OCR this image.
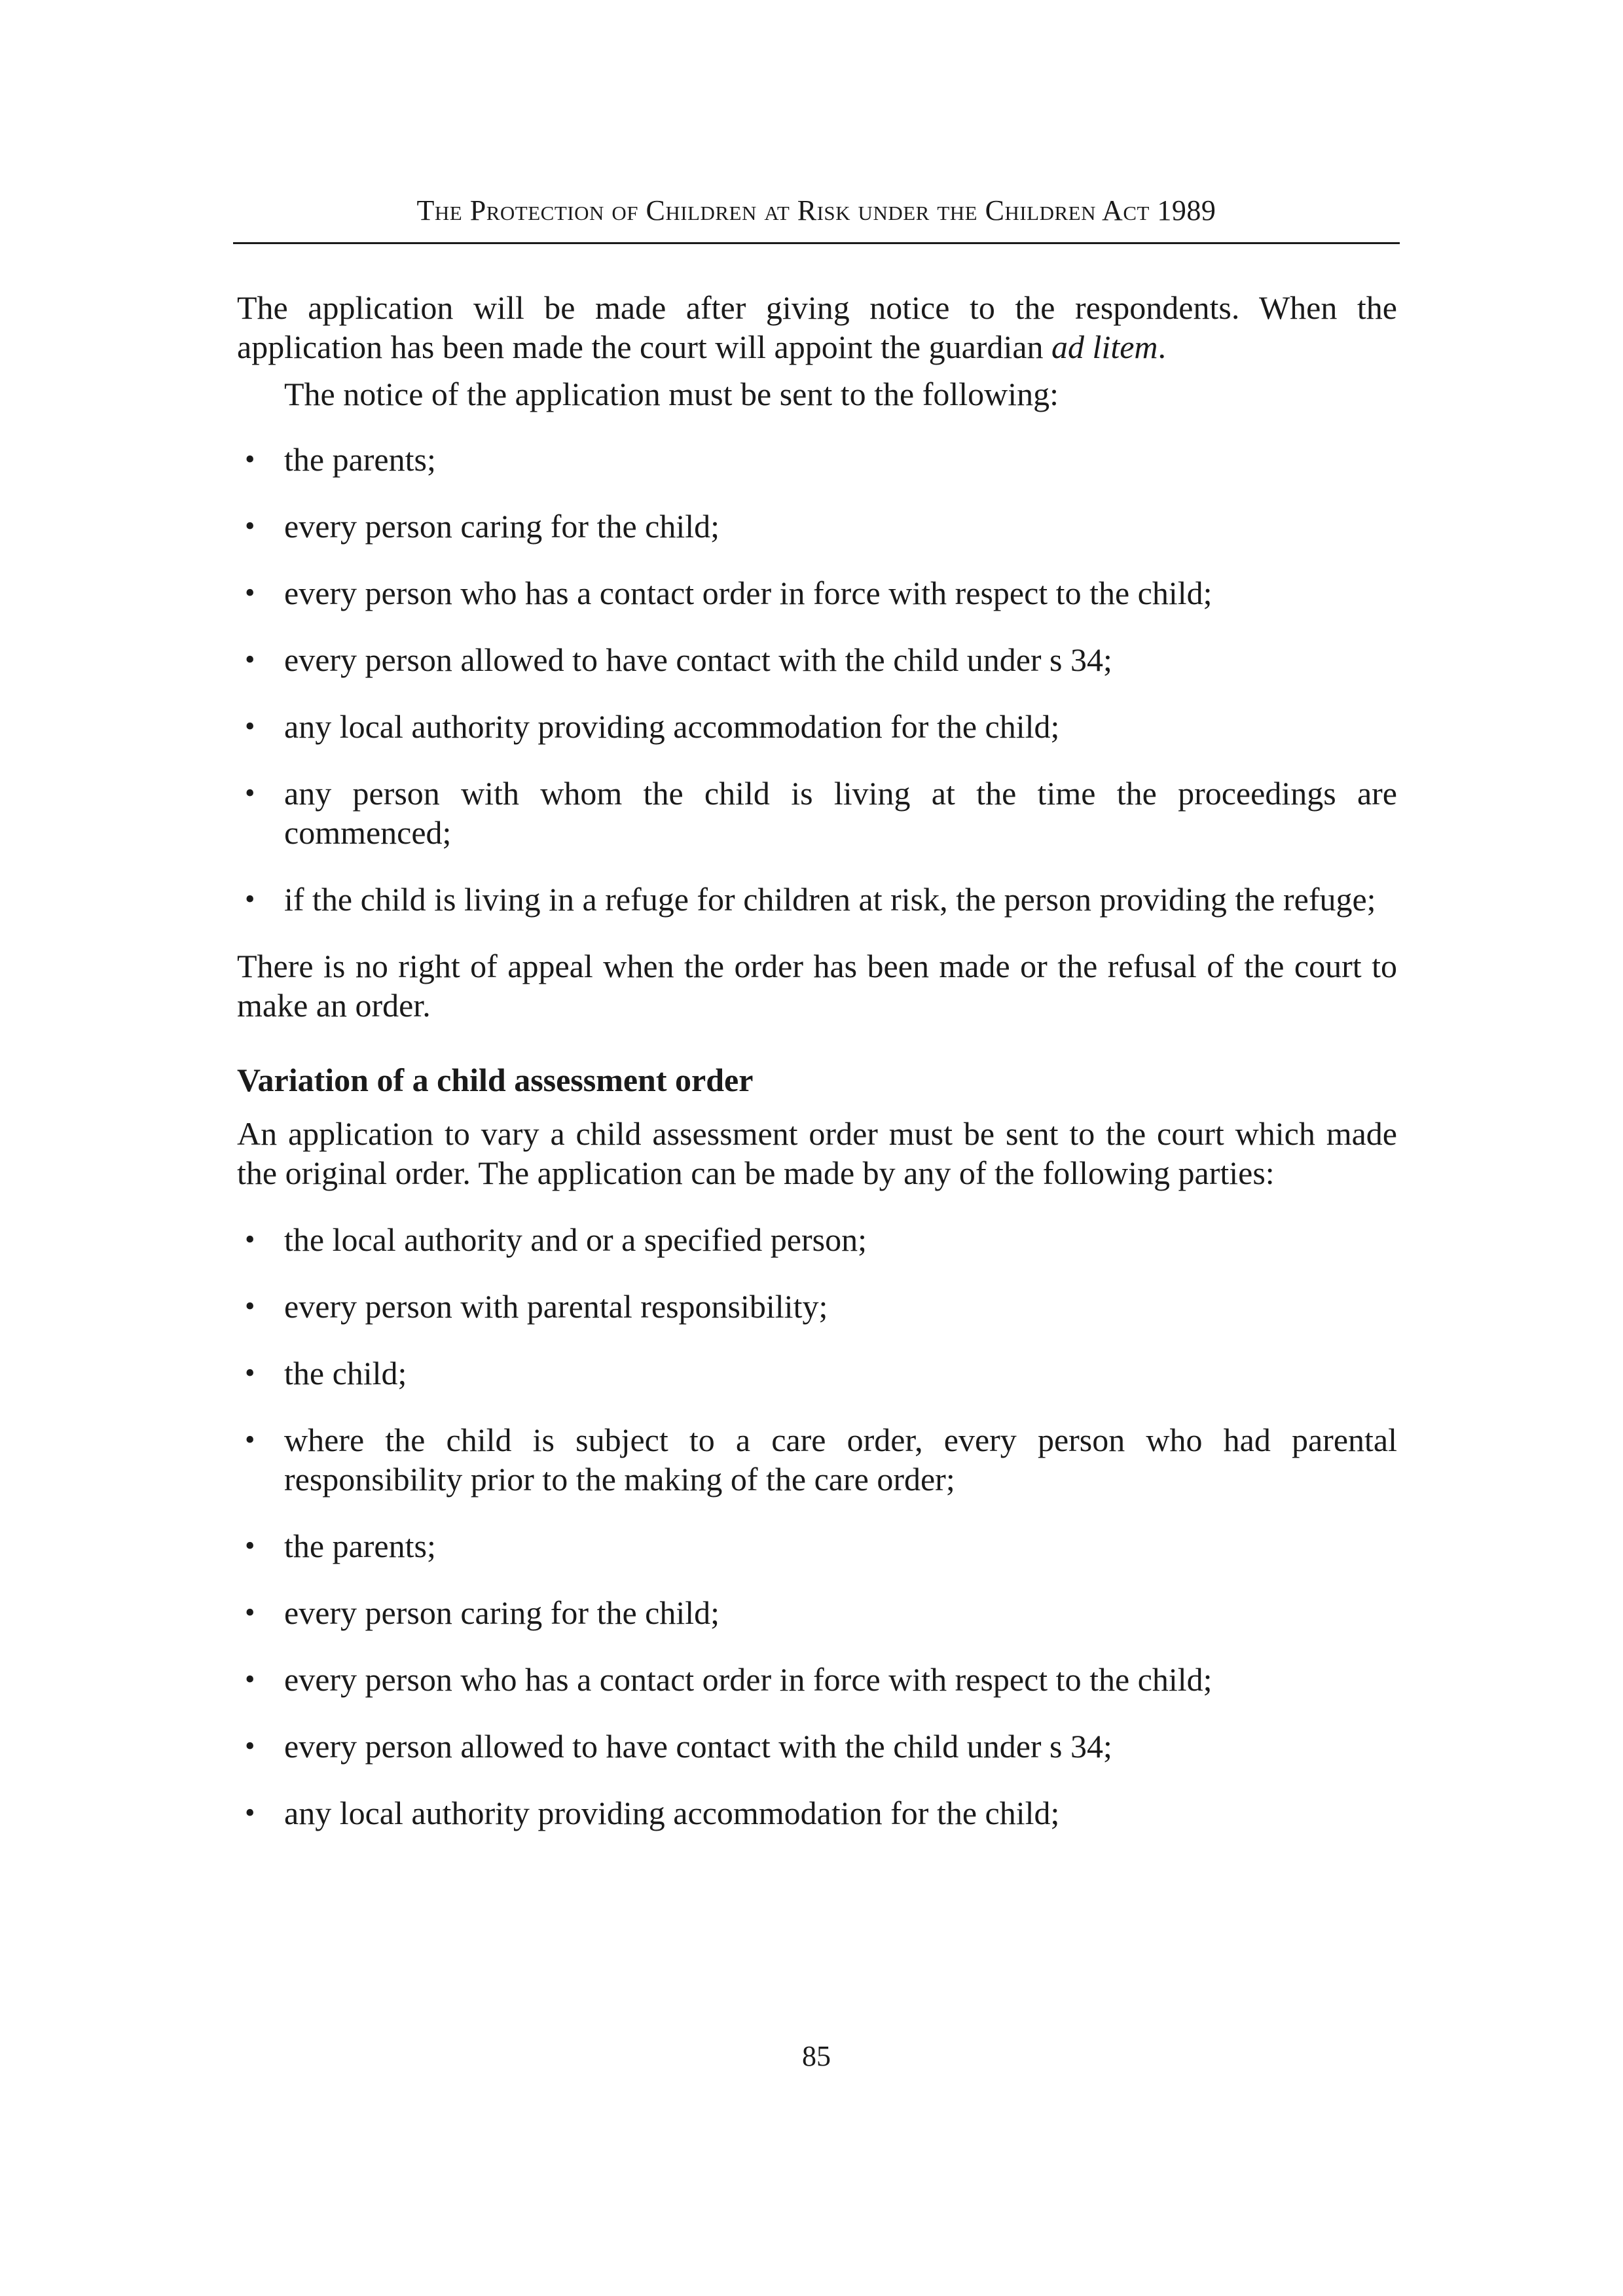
The Protection of Children at Risk under the Children Act 1989

The application will be made after giving notice to the respondents. When the application has been made the court will appoint the guardian ad litem.

The notice of the application must be sent to the following:

• the parents;
• every person caring for the child;
• every person who has a contact order in force with respect to the child;
• every person allowed to have contact with the child under s 34;
• any local authority providing accommodation for the child;
• any person with whom the child is living at the time the proceedings are commenced;
• if the child is living in a refuge for children at risk, the person providing the refuge;

There is no right of appeal when the order has been made or the refusal of the court to make an order.

Variation of a child assessment order

An application to vary a child assessment order must be sent to the court which made the original order. The application can be made by any of the following parties:

• the local authority and or a specified person;
• every person with parental responsibility;
• the child;
• where the child is subject to a care order, every person who had parental responsibility prior to the making of the care order;
• the parents;
• every person caring for the child;
• every person who has a contact order in force with respect to the child;
• every person allowed to have contact with the child under s 34;
• any local authority providing accommodation for the child;
85
